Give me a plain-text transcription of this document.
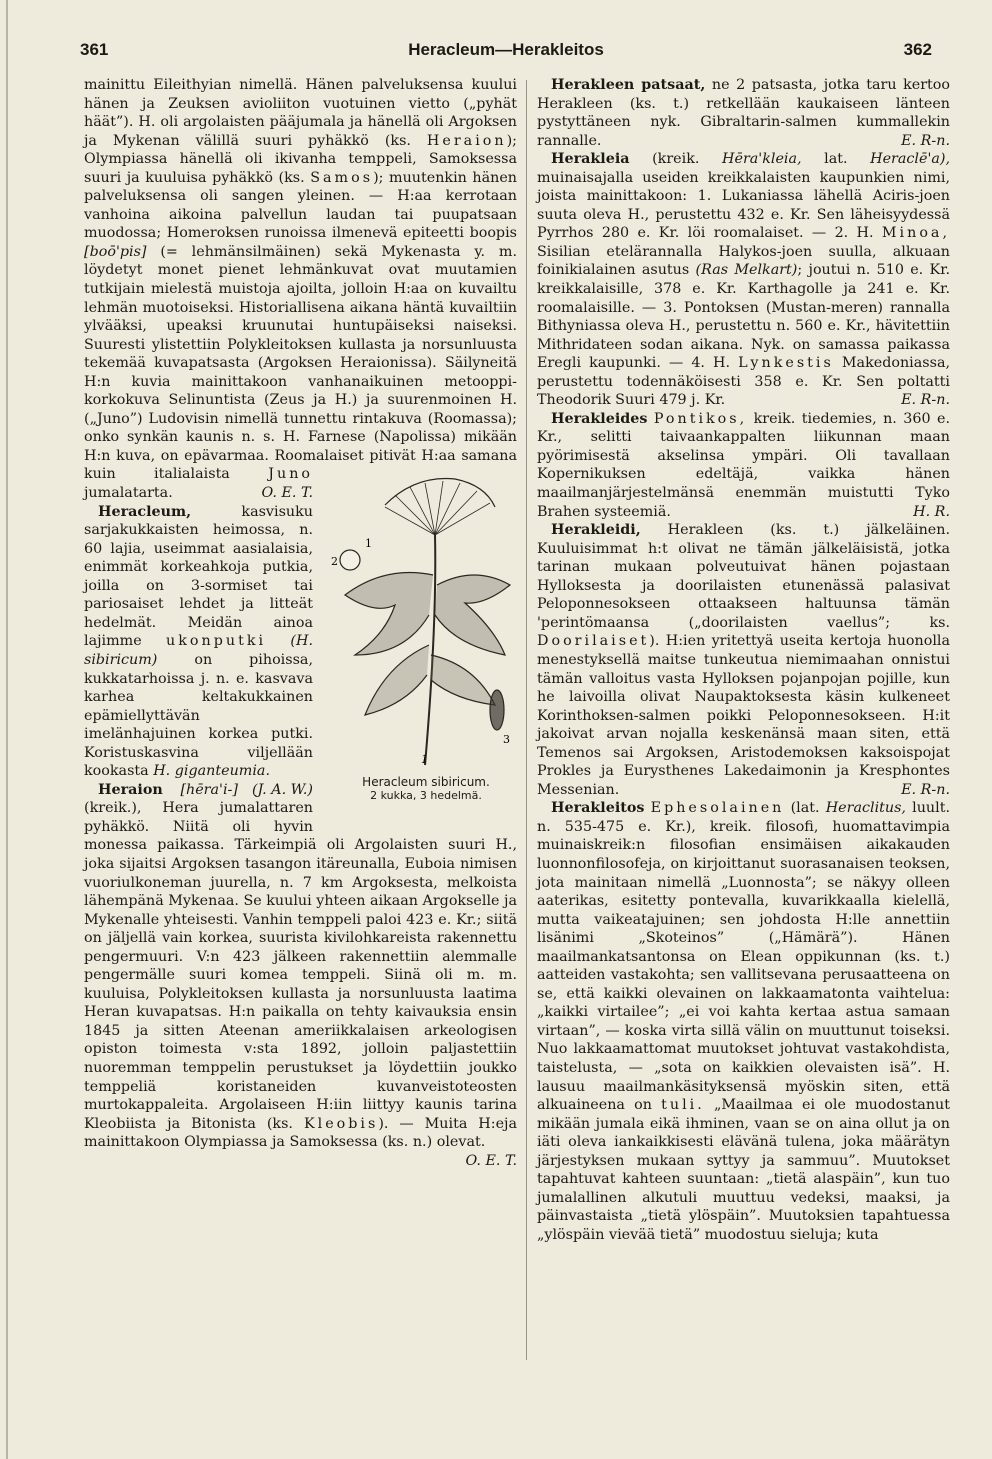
361	Heracleum—Herakleitos	362

mainittu Eileithyian nimellä. Hänen palveluksensa kuului hänen ja Zeuksen avioliiton vuotuinen vietto („pyhät häät”). H. oli argolaisten pääjumala ja hänellä oli Argoksen ja Mykenan välillä suuri pyhäkkö (ks. Heraion); Olympiassa hänellä oli ikivanha temppeli, Samoksessa suuri ja kuuluisa pyhäkkö (ks. Samos); muutenkin hänen palveluksensa oli sangen yleinen. — H:aa kerrotaan vanhoina aikoina palvellun laudan tai puupatsaan muodossa; Homeroksen runoissa ilmenevä epiteetti boopis [boō'pis] (= lehmänsilmäinen) sekä Mykenasta y. m. löydetyt monet pienet lehmänkuvat ovat muutamien tutkijain mielestä muistoja ajoilta, jolloin H:aa on kuvailtu lehmän muotoiseksi. Historiallisena aikana häntä kuvailtiin ylvääksi, upeaksi kruunutai huntupäiseksi naiseksi. Suuresti ylistettiin Polykleitoksen kullasta ja norsunluusta tekemää kuvapatsasta (Argoksen Heraionissa). Säilyneitä H:n kuvia mainittakoon vanhanaikuinen metooppi-korkokuva Selinuntista (Zeus ja H.) ja suurenmoinen H. („Juno”) Ludovisin nimellä tunnettu rintakuva (Roomassa); onko synkän kaunis n. s. H. Farnese (Napolissa) mikään H:n kuva, on epävarmaa. Roomalaiset pitivät H:aa samana kuin italialaista
1
2
3
1
Heracleum sibiricum.
2 kukka, 3 hedelmä.
Juno jumalatarta.	O. E. T.

Heracleum,	kasvisuku sarjakukkaisten heimossa, n. 60 lajia, useimmat aasialaisia, enimmät korkeahkoja putkia, joilla on 3-sormiset tai pariosaiset lehdet ja litteät hedelmät. Meidän ainoa lajimme ukonputki (H. sibiricum)	on pihoissa, kukkatarhoissa j. n. e. kasvava karhea keltakukkainen epämiellyttävän imelänhajuinen korkea putki. Koristuskasvina viljellään kookasta H. giganteumia.
(J. A. W.)

Heraion [hēra'i-] (kreik.), Hera jumalattaren pyhäkkö. Niitä oli hyvin monessa paikassa. Tärkeimpiä oli Argolaisten suuri H., joka sijaitsi Argoksen tasangon itäreunalla, Euboia nimisen vuoriulkoneman juurella, n. 7 km Argoksesta, melkoista lähempänä Mykenaa. Se kuului yhteen aikaan Argokselle ja Mykenalle yhteisesti. Vanhin temppeli paloi 423 e. Kr.; siitä on jäljellä vain korkea, suurista kivilohkareista rakennettu pengermuuri. V:n 423 jälkeen rakennettiin alemmalle pengermälle suuri komea temppeli. Siinä oli m. m. kuuluisa, Polykleitoksen kullasta ja norsunluusta laatima Heran kuvapatsas. H:n paikalla on tehty kaivauksia ensin 1845 ja sitten Ateenan ameriikkalaisen arkeologisen opiston toimesta v:sta 1892, jolloin paljastettiin nuoremman temppelin perustukset ja löydettiin joukko temppeliä koristaneiden kuvanveistoteosten murtokappaleita. Argolaiseen H:iin liittyy kaunis tarina Kleobiista ja Bitonista (ks. Kleobis). — Muita H:eja mainittakoon Olympiassa ja Samoksessa (ks. n.) olevat.
O. E. T.

Herakleen patsaat, ne 2 patsasta, jotka taru kertoo Herakleen (ks. t.) retkellään kaukaiseen länteen pystyttäneen nyk. Gibraltarin-salmen kummallekin rannalle.	E. R-n.

Herakleia (kreik. Hēra'kleia, lat. Heraclē'a), muinaisajalla useiden kreikkalaisten kaupunkien nimi, joista mainittakoon: 1. Lukaniassa lähellä Aciris-joen suuta oleva H., perustettu 432 e. Kr. Sen läheisyydessä Pyrrhos 280 e. Kr. löi roomalaiset. — 2. H. Minoa, Sisilian etelärannalla Halykos-joen suulla, alkuaan foinikialainen asutus (Ras Melkart); joutui n. 510 e. Kr. kreikkalaisille, 378 e. Kr. Karthagolle ja 241 e. Kr. roomalaisille. — 3. Pontoksen (Mustan-meren) rannalla Bithyniassa oleva H., perustettu n. 560 e. Kr., hävitettiin Mithridateen sodan aikana. Nyk. on samassa paikassa Eregli kaupunki. — 4. H. Lynkestis Makedoniassa, perustettu todennäköisesti 358 e. Kr. Sen poltatti Theodorik Suuri 479 j. Kr.	E. R-n.

Herakleides Pontikos, kreik. tiedemies, n. 360 e. Kr., selitti taivaankappalten liikunnan maan pyörimisestä akselinsa ympäri. Oli tavallaan Kopernikuksen edeltäjä, vaikka hänen maailmanjärjestelmänsä enemmän muistutti Tyko Brahen systeemiä.	H. R.

Herakleidi, Herakleen (ks. t.) jälkeläinen. Kuuluisimmat h:t olivat ne tämän jälkeläisistä, jotka tarinan mukaan polveutuivat hänen pojastaan Hylloksesta ja doorilaisten etunenässä palasivat Peloponnesokseen ottaakseen haltuunsa tämän 'perintömaansa („doorilaisten vaellus”; ks. Doorilaiset). H:ien yritettyä useita kertoja huonolla menestyksellä maitse tunkeutua niemimaahan onnistui tämän valloitus vasta Hylloksen pojanpojan pojille, kun he laivoilla olivat Naupaktoksesta käsin kulkeneet Korinthoksen-salmen poikki Peloponnesokseen. H:it jakoivat arvan nojalla keskenänsä maan siten, että Temenos sai Argoksen, Aristodemoksen kaksoispojat Prokles ja Eurysthenes Lakedaimonin ja Kresphontes Messenian.	E. R-n.

Herakleitos Ephesolainen (lat. Heraclitus, luult. n. 535-475 e. Kr.), kreik. filosofi, huomattavimpia muinaiskreik:n filosofian ensimäisen aikakauden luonnonfilosofeja, on kirjoittanut suorasanaisen teoksen, jota mainitaan nimellä „Luonnosta”; se näkyy olleen aaterikas, esitetty pontevalla, kuvarikkaalla kielellä, mutta vaikeatajuinen; sen johdosta H:lle annettiin lisänimi „Skoteinos” („Hämärä”). Hänen maailmankatsantonsa on Elean oppikunnan (ks. t.) aatteiden vastakohta; sen vallitsevana perusaatteena on se, että kaikki olevainen on lakkaamatonta vaihtelua: „kaikki virtailee”; „ei voi kahta kertaa astua samaan virtaan”, — koska virta sillä välin on muuttunut toiseksi. Nuo lakkaamattomat muutokset johtuvat vastakohdista, taistelusta, — „sota on kaikkien olevaisten isä”. H. lausuu maailmankäsityksensä myöskin siten, että alkuaineena on tuli. „Maailmaa ei ole muodostanut mikään jumala eikä ihminen, vaan se on aina ollut ja on iäti oleva iankaikkisesti elävänä tulena, joka määrätyn järjestyksen mukaan syttyy ja sammuu”. Muutokset tapahtuvat kahteen suuntaan: „tietä alaspäin”, kun tuo jumalallinen alkutuli muuttuu vedeksi, maaksi, ja päinvastaista „tietä ylöspäin”. Muutoksien tapahtuessa „ylöspäin vievää tietä” muodostuu sieluja; kuta
